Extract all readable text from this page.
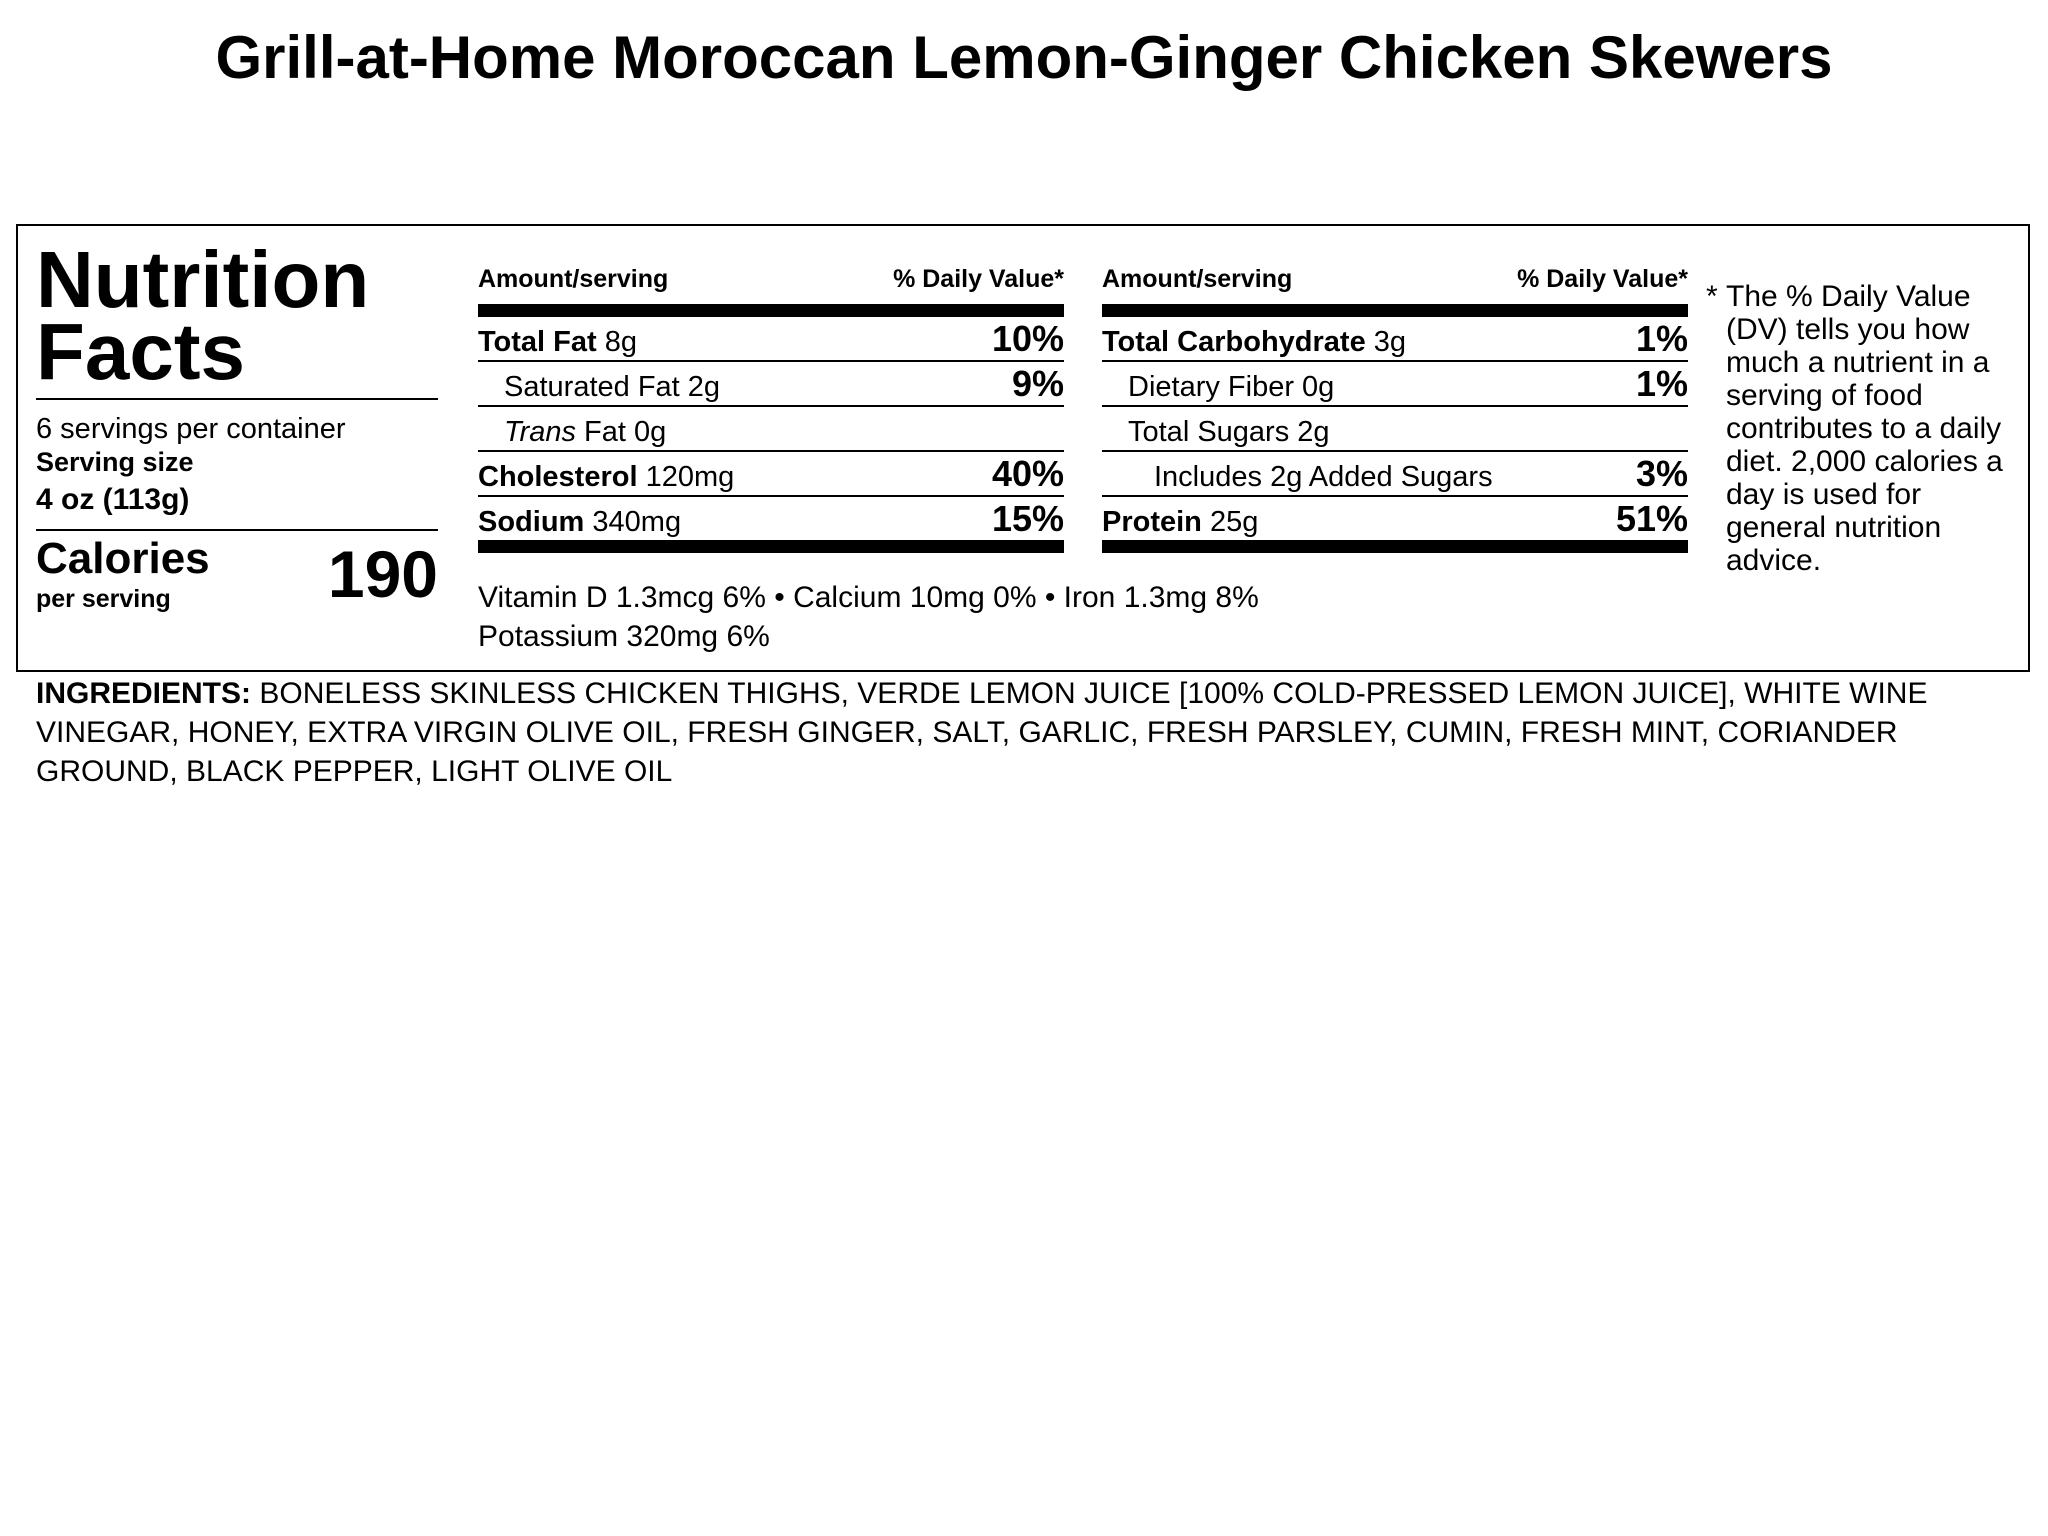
Grill-at-Home Moroccan Lemon-Ginger Chicken Skewers
Nutrition
Facts
6 servings per container
Serving size
4 oz (113g)
Calories
per serving	190
Amount/serving	% Daily Value*
Total Fat 8g	10%
Saturated Fat 2g	9%
Trans Fat 0g
Cholesterol 120mg	40%
Sodium 340mg	15%
Amount/serving	% Daily Value*
Total Carbohydrate 3g	1%
Dietary Fiber 0g	1%
Total Sugars 2g
Includes 2g Added Sugars	3%
Protein 25g	51%
Vitamin D 1.3mcg 6% • Calcium 10mg 0% • Iron 1.3mg 8%
Potassium 320mg 6%
* The % Daily Value (DV) tells you how much a nutrient in a serving of food contributes to a daily diet. 2,000 calories a day is used for general nutrition advice.
INGREDIENTS: BONELESS SKINLESS CHICKEN THIGHS, VERDE LEMON JUICE [100% COLD-PRESSED LEMON JUICE], WHITE WINE VINEGAR, HONEY, EXTRA VIRGIN OLIVE OIL, FRESH GINGER, SALT, GARLIC, FRESH PARSLEY, CUMIN, FRESH MINT, CORIANDER GROUND, BLACK PEPPER, LIGHT OLIVE OIL
